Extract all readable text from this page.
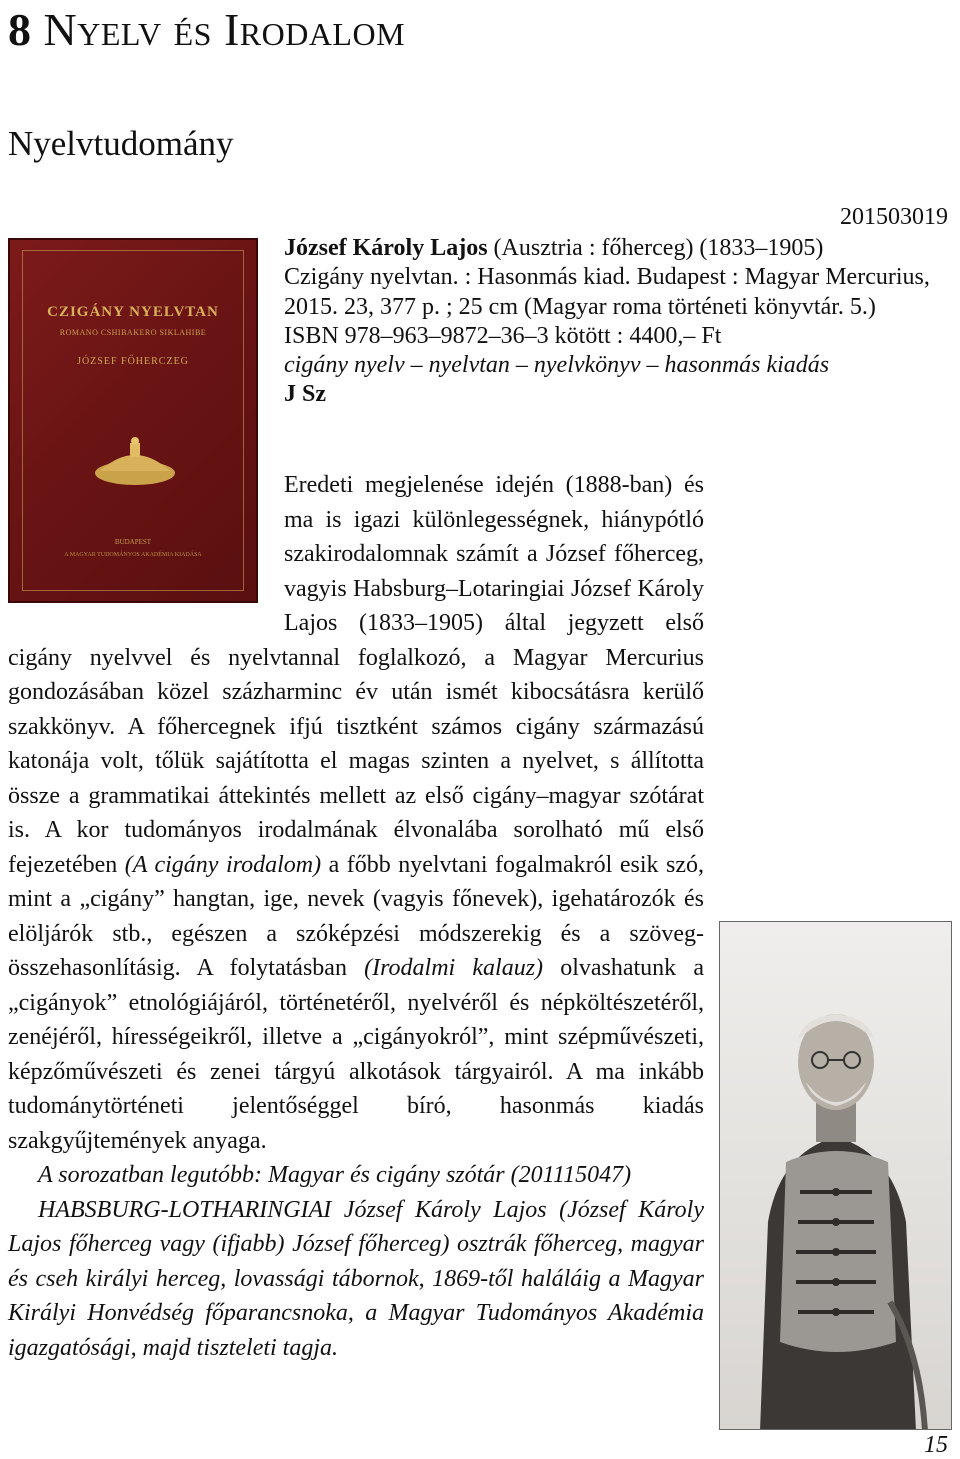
8 Nyelv és Irodalom
Nyelvtudomány
201503019
CZIGÁNY NYELVTAN
ROMANO CSHIBAKERO SIKLAHIBE
JÓZSEF FŐHERCZEG
BUDAPEST
A MAGYAR TUDOMÁNYOS AKADÉMIA KIADÁSA

József Károly Lajos (Ausztria : főherceg) (1833–1905)

Czigány nyelvtan. : Hasonmás kiad. Budapest : Magyar Mercurius, 2015. 23, 377 p. ; 25 cm (Magyar roma történeti könyvtár. 5.)

ISBN 978–963–9872–36–3 kötött : 4400,– Ft

cigány nyelv – nyelvtan – nyelvkönyv – hasonmás kiadás

J Sz

Eredeti megjelenése idején (1888-ban) és ma is igazi különlegességnek, hiánypótló szakirodalomnak számít a József főherceg, vagyis Habsburg–Lotaringiai József Károly Lajos (1833–1905) által jegyzett első cigány nyelvvel és nyelvtannal foglalkozó, a Magyar Mercurius gondozásában közel százharminc év után ismét kibocsátásra kerülő szakkönyv. A főhercegnek ifjú tisztként számos cigány származású katonája volt, tőlük sajátította el magas szinten a nyelvet, s állította össze a grammatikai áttekintés mellett az első cigány–magyar szótárat is. A kor tudományos irodalmának élvonalába sorolható mű első fejezetében (A cigány irodalom) a főbb nyelvtani fogalmakról esik szó, mint a „cigány” hangtan, ige, nevek (vagyis főnevek), igehatározók és elöljárók stb., egészen a szóképzési módszerekig és a szöveg-összehasonlításig. A folytatásban (Irodalmi kalauz) olvashatunk a „cigányok” etnológiájáról, történetéről, nyelvéről és népköltészetéről, zenéjéről, hírességeikről, illetve a „cigányokról”, mint szépművészeti, képzőművészeti és zenei tárgyú alkotások tárgyairól. A ma inkább tudománytörténeti jelentőséggel bíró, hasonmás kiadás szakgyűjtemények anyaga.

A sorozatban legutóbb: Magyar és cigány szótár (201115047)

HABSBURG-LOTHARINGIAI József Károly Lajos (József Károly Lajos főherceg vagy (ifjabb) József főherceg) osztrák főherceg, magyar és cseh királyi herceg, lovassági tábornok, 1869-től haláláig a Magyar Királyi Honvédség főparancsnoka, a Magyar Tudományos Akadémia igazgatósági, majd tiszteleti tagja.

15
